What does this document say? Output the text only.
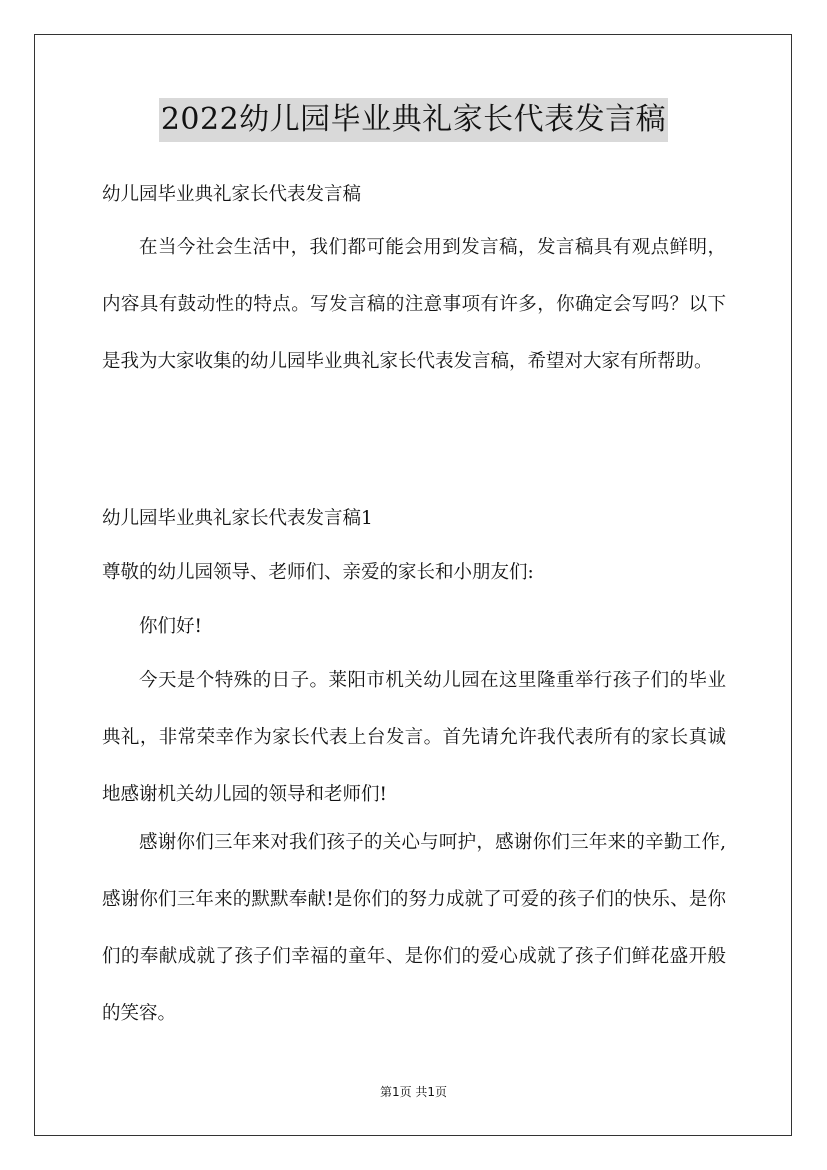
2022幼儿园毕业典礼家长代表发言稿

幼儿园毕业典礼家长代表发言稿

在当今社会生活中，我们都可能会用到发言稿，发言稿具有观点鲜明，内容具有鼓动性的特点。写发言稿的注意事项有许多，你确定会写吗？以下是我为大家收集的幼儿园毕业典礼家长代表发言稿，希望对大家有所帮助。

幼儿园毕业典礼家长代表发言稿1

尊敬的幼儿园领导、老师们、亲爱的家长和小朋友们:

你们好!

今天是个特殊的日子。莱阳市机关幼儿园在这里隆重举行孩子们的毕业典礼，非常荣幸作为家长代表上台发言。首先请允许我代表所有的家长真诚地感谢机关幼儿园的领导和老师们!

感谢你们三年来对我们孩子的关心与呵护，感谢你们三年来的辛勤工作,感谢你们三年来的默默奉献!是你们的努力成就了可爱的孩子们的快乐、是你们的奉献成就了孩子们幸福的童年、是你们的爱心成就了孩子们鲜花盛开般的笑容。

第1页 共1页
